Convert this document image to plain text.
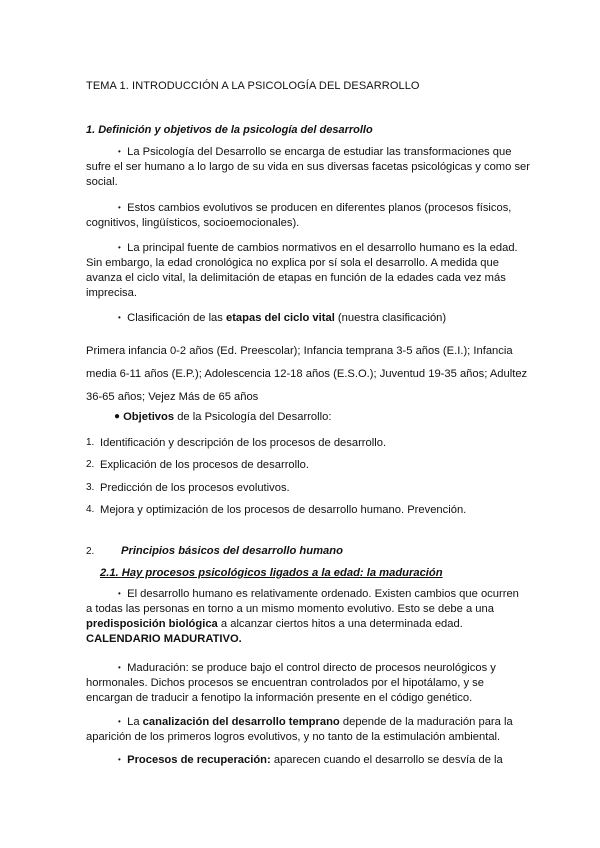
TEMA 1. INTRODUCCIÓN A LA PSICOLOGÍA DEL DESARROLLO
1. Definición y objetivos de la psicología del desarrollo
• La Psicología del Desarrollo se encarga de estudiar las transformaciones que
sufre el ser humano a lo largo de su vida en sus diversas facetas psicológicas y como ser
social.
• Estos cambios evolutivos se producen en diferentes planos (procesos físicos,
cognitivos, lingüísticos, socioemocionales).
• La principal fuente de cambios normativos en el desarrollo humano es la edad.
Sin embargo, la edad cronológica no explica por sí sola el desarrollo. A medida que
avanza el ciclo vital, la delimitación de etapas en función de la edades cada vez más
imprecisa.
• Clasificación de las etapas del ciclo vital (nuestra clasificación)
Primera infancia 0-2 años (Ed. Preescolar); Infancia temprana 3-5 años (E.I.); Infancia
media 6-11 años (E.P.); Adolescencia 12-18 años (E.S.O.); Juventud 19-35 años; Adultez
36-65 años; Vejez Más de 65 años
● Objetivos de la Psicología del Desarrollo:
1. Identificación y descripción de los procesos de desarrollo.
2. Explicación de los procesos de desarrollo.
3. Predicción de los procesos evolutivos.
4. Mejora y optimización de los procesos de desarrollo humano. Prevención.
2. Principios básicos del desarrollo humano
2.1. Hay procesos psicológicos ligados a la edad: la maduración
• El desarrollo humano es relativamente ordenado. Existen cambios que ocurren
a todas las personas en torno a un mismo momento evolutivo. Esto se debe a una
predisposición biológica a alcanzar ciertos hitos a una determinada edad.
CALENDARIO MADURATIVO.
• Maduración: se produce bajo el control directo de procesos neurológicos y
hormonales. Dichos procesos se encuentran controlados por el hipotálamo, y se
encargan de traducir a fenotipo la información presente en el código genético.
• La canalización del desarrollo temprano depende de la maduración para la
aparición de los primeros logros evolutivos, y no tanto de la estimulación ambiental.
• Procesos de recuperación: aparecen cuando el desarrollo se desvía de la
